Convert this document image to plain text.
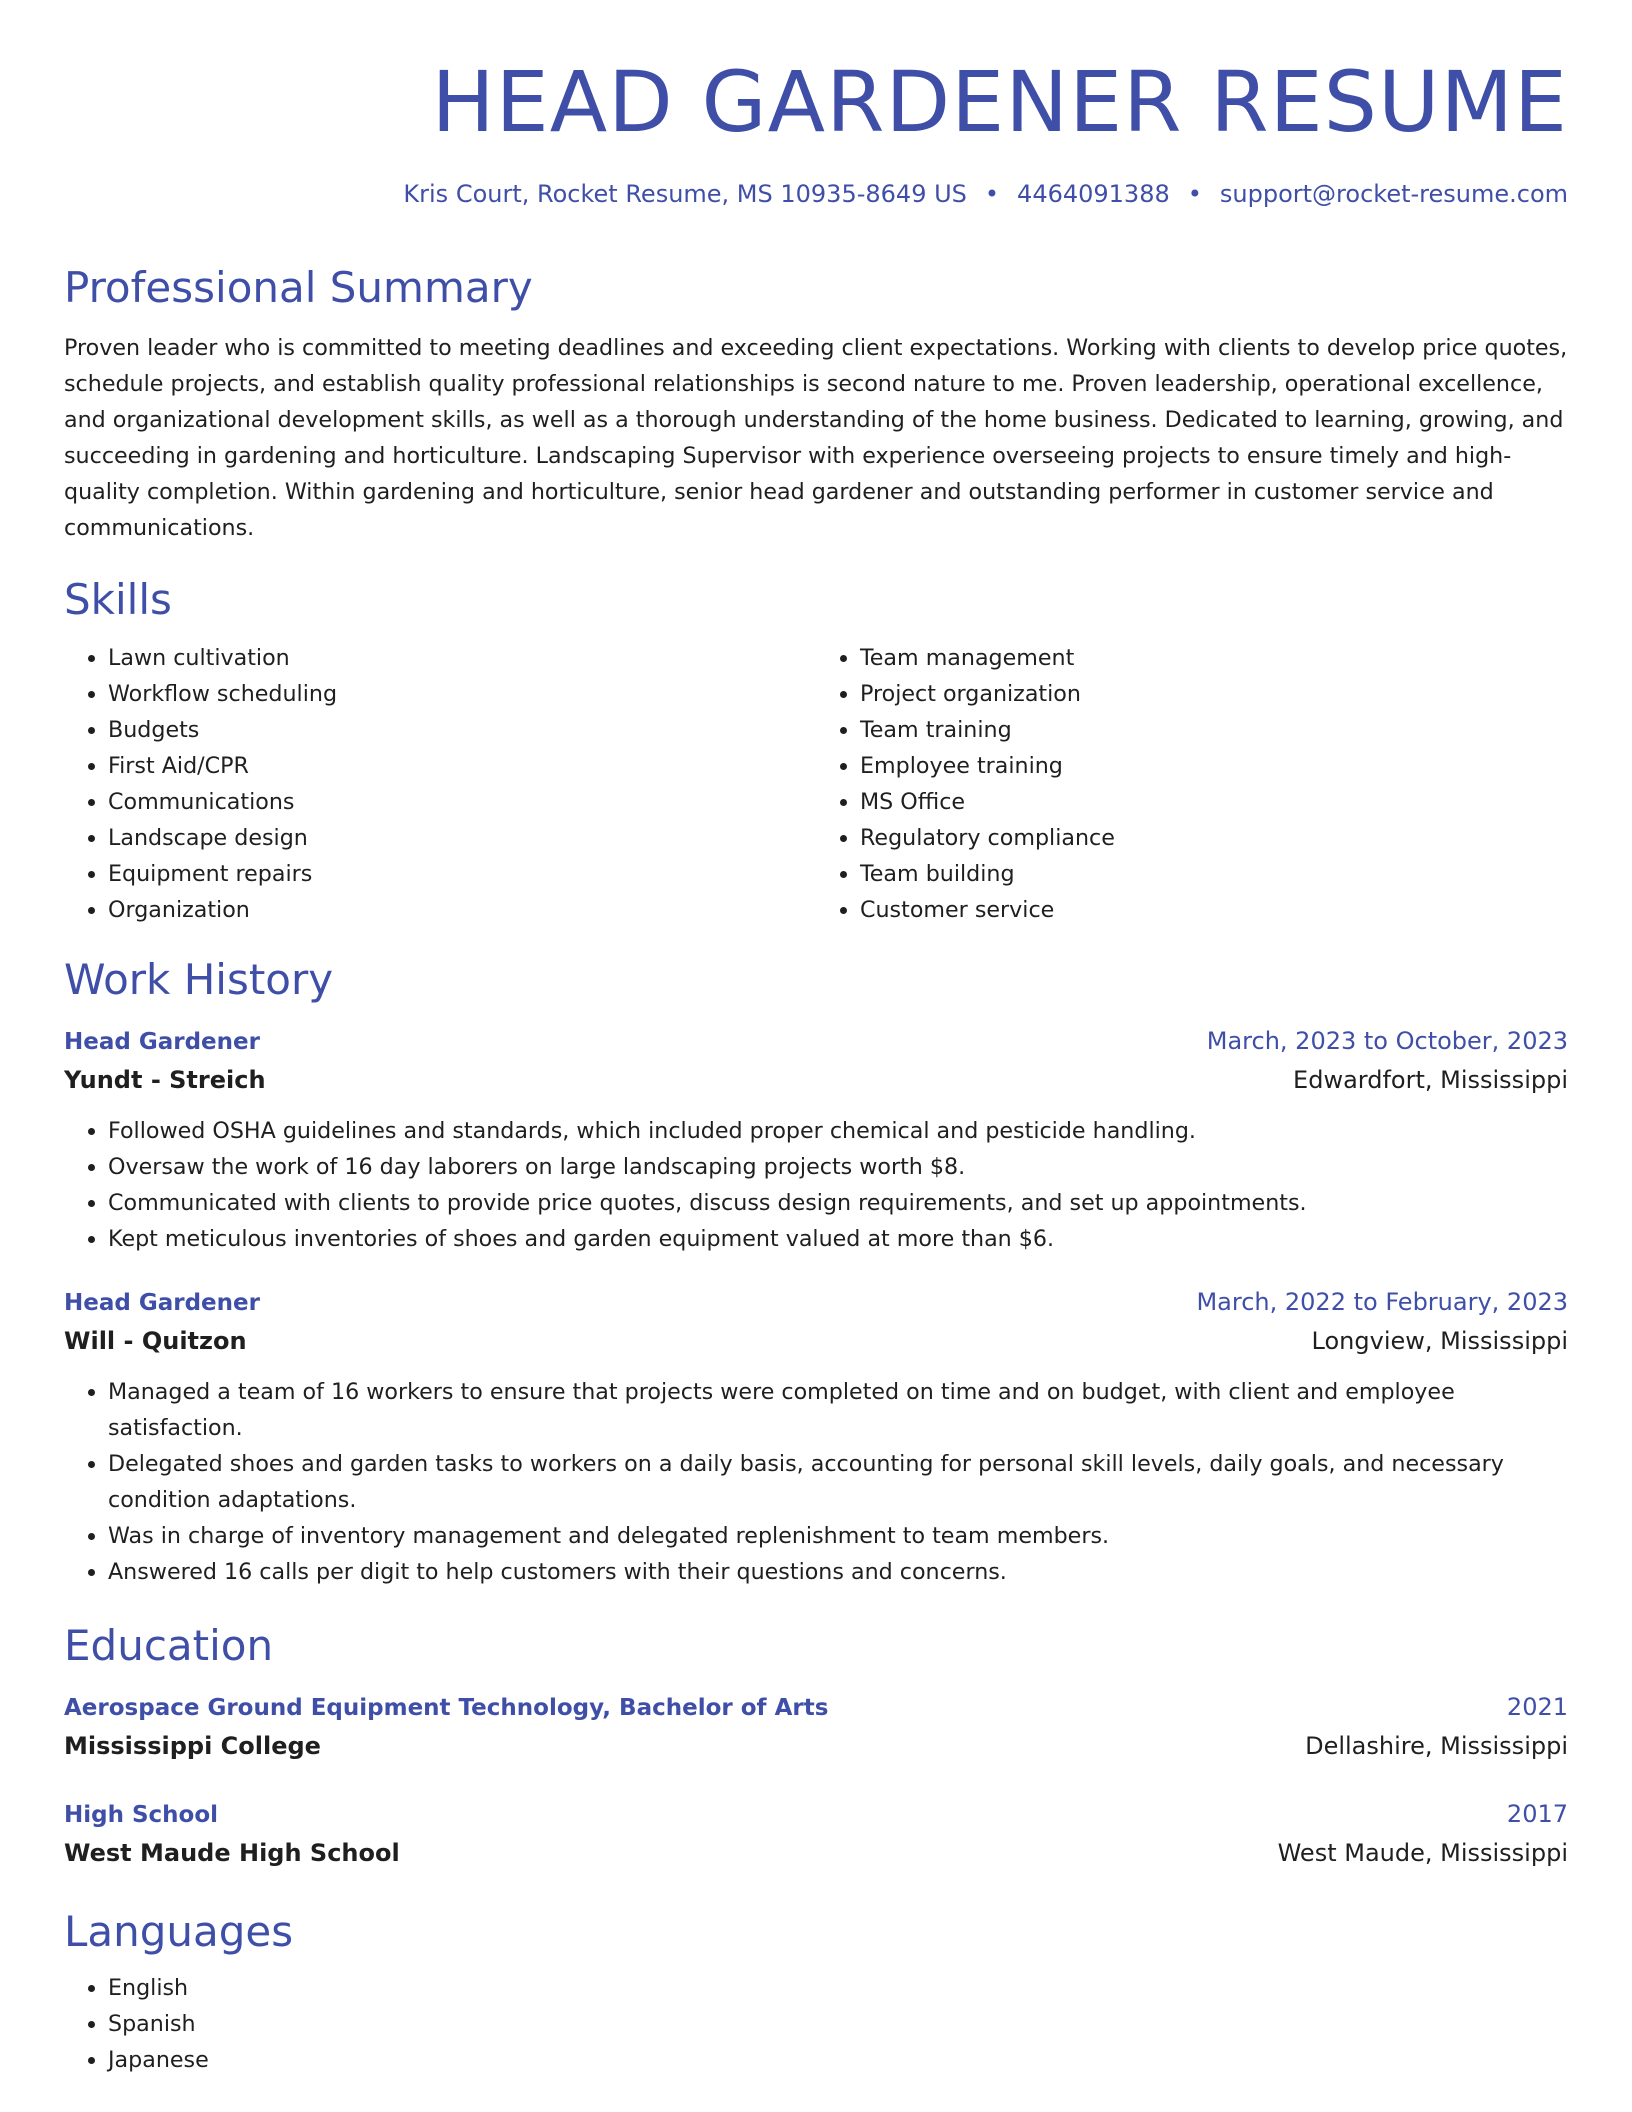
HEAD GARDENER RESUME
Kris Court, Rocket Resume, MS 10935-8649 US • 4464091388 • support@rocket-resume.com
Professional Summary

Proven leader who is committed to meeting deadlines and exceeding client expectations. Working with clients to develop price quotes, schedule projects, and establish quality professional relationships is second nature to me. Proven leadership, operational excellence, and organizational development skills, as well as a thorough understanding of the home business. Dedicated to learning, growing, and succeeding in gardening and horticulture. Landscaping Supervisor with experience overseeing projects to ensure timely and high-quality completion. Within gardening and horticulture, senior head gardener and outstanding performer in customer service and communications.

Skills
• Lawn cultivation
• Workflow scheduling
• Budgets
• First Aid/CPR
• Communications
• Landscape design
• Equipment repairs
• Organization
• Team management
• Project organization
• Team training
• Employee training
• MS Office
• Regulatory compliance
• Team building
• Customer service
Work History
Head Gardener	March, 2023 to October, 2023
Yundt - Streich	Edwardfort, Mississippi
• Followed OSHA guidelines and standards, which included proper chemical and pesticide handling.
• Oversaw the work of 16 day laborers on large landscaping projects worth $8.
• Communicated with clients to provide price quotes, discuss design requirements, and set up appointments.
• Kept meticulous inventories of shoes and garden equipment valued at more than $6.
Head Gardener	March, 2022 to February, 2023
Will - Quitzon	Longview, Mississippi
• Managed a team of 16 workers to ensure that projects were completed on time and on budget, with client and employee satisfaction.
• Delegated shoes and garden tasks to workers on a daily basis, accounting for personal skill levels, daily goals, and necessary condition adaptations.
• Was in charge of inventory management and delegated replenishment to team members.
• Answered 16 calls per digit to help customers with their questions and concerns.
Education
Aerospace Ground Equipment Technology, Bachelor of Arts	2021
Mississippi College	Dellashire, Mississippi
High School	2017
West Maude High School	West Maude, Mississippi
Languages
• English
• Spanish
• Japanese
